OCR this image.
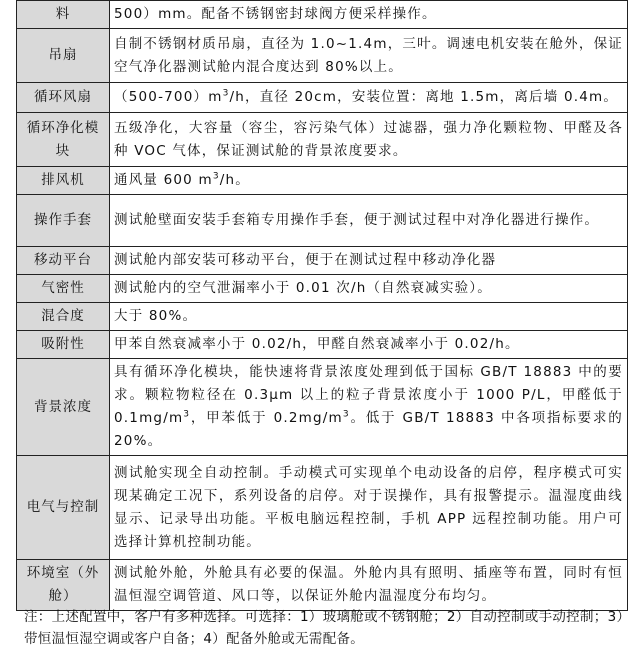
料	500）mm。配备不锈钢密封球阀方便采样操作。
吊扇	自制不锈钢材质吊扇，直径为 1.0~1.4m，三叶。调速电机安装在舱外，保证空气净化器测试舱内混合度达到 80%以上。
循环风扇	$(500-700)m^3/h$，直径 20cm，安装位置：离地 1.5m，离后墙 0.4m。
循环净化模块	五级净化，大容量（容尘，容污染气体）过滤器，强力净化颗粒物、甲醛及各种 VOC 气体，保证测试舱的背景浓度要求。
排风机	通风量 600 $m^3/h$。
操作手套	测试舱壁面安装手套箱专用操作手套，便于测试过程中对净化器进行操作。
移动平台	测试舱内部安装可移动平台，便于在测试过程中移动净化器
气密性	测试舱内的空气泄漏率小于 0.01 次/h（自然衰减实验）。
混合度	大于 80%。
吸附性	甲苯自然衰减率小于 0.02/h，甲醛自然衰减率小于 0.02/h。
背景浓度	具有循环净化模块，能快速将背景浓度处理到低于国标 GB/T 18883 中的要求。颗粒物粒径在 0.3μm 以上的粒子背景浓度小于 1000 P/L，甲醛低于 $0.1mg/m^3$，甲苯低于 $0.2mg/m^3$。低于 GB/T 18883 中各项指标要求的 20%。
电气与控制	测试舱实现全自动控制。手动模式可实现单个电动设备的启停，程序模式可实现某确定工况下，系列设备的启停。对于误操作，具有报警提示。温湿度曲线显示、记录导出功能。平板电脑远程控制，手机 APP 远程控制功能。用户可选择计算机控制功能。
环境室（外舱）	测试舱外舱，外舱具有必要的保温。外舱内具有照明、插座等布置，同时有恒温恒湿空调管道、风口等，以保证外舱内温湿度分布均匀。
注：上述配置中，客户有多种选择。可选择：1）玻璃舱或不锈钢舱；2）自动控制或手动控制；3）带恒温恒湿空调或客户自备；4）配备外舱或无需配备。
